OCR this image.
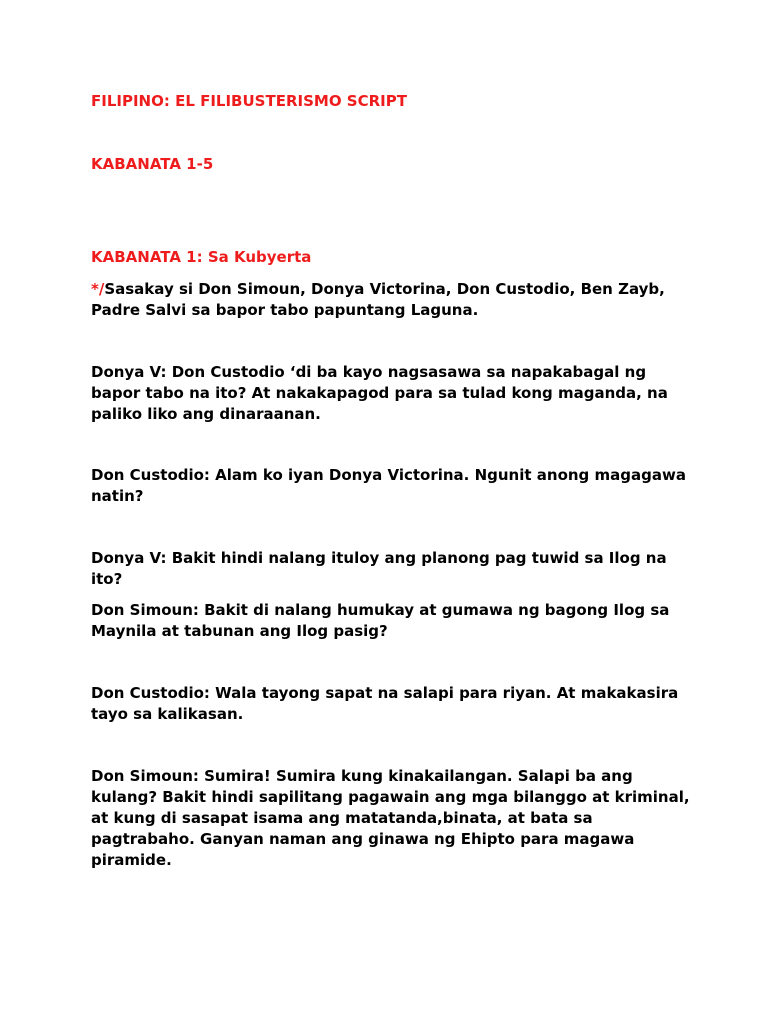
FILIPINO: EL FILIBUSTERISMO SCRIPT

KABANATA 1-5

KABANATA 1: Sa Kubyerta

*/Sasakay si Don Simoun, Donya Victorina, Don Custodio, Ben Zayb, Padre Salvi sa bapor tabo papuntang Laguna.

Donya V: Don Custodio ‘di ba kayo nagsasawa sa napakabagal ng bapor tabo na ito? At nakakapagod para sa tulad kong maganda, na paliko liko ang dinaraanan.

Don Custodio: Alam ko iyan Donya Victorina. Ngunit anong magagawa natin?

Donya V: Bakit hindi nalang ituloy ang planong pag tuwid sa Ilog na ito?

Don Simoun: Bakit di nalang humukay at gumawa ng bagong Ilog sa Maynila at tabunan ang Ilog pasig?

Don Custodio: Wala tayong sapat na salapi para riyan. At makakasira tayo sa kalikasan.

Don Simoun: Sumira! Sumira kung kinakailangan. Salapi ba ang kulang? Bakit hindi sapilitang pagawain ang mga bilanggo at kriminal, at kung di sasapat isama ang matatanda,binata, at bata sa pagtrabaho. Ganyan naman ang ginawa ng Ehipto para magawa piramide.
